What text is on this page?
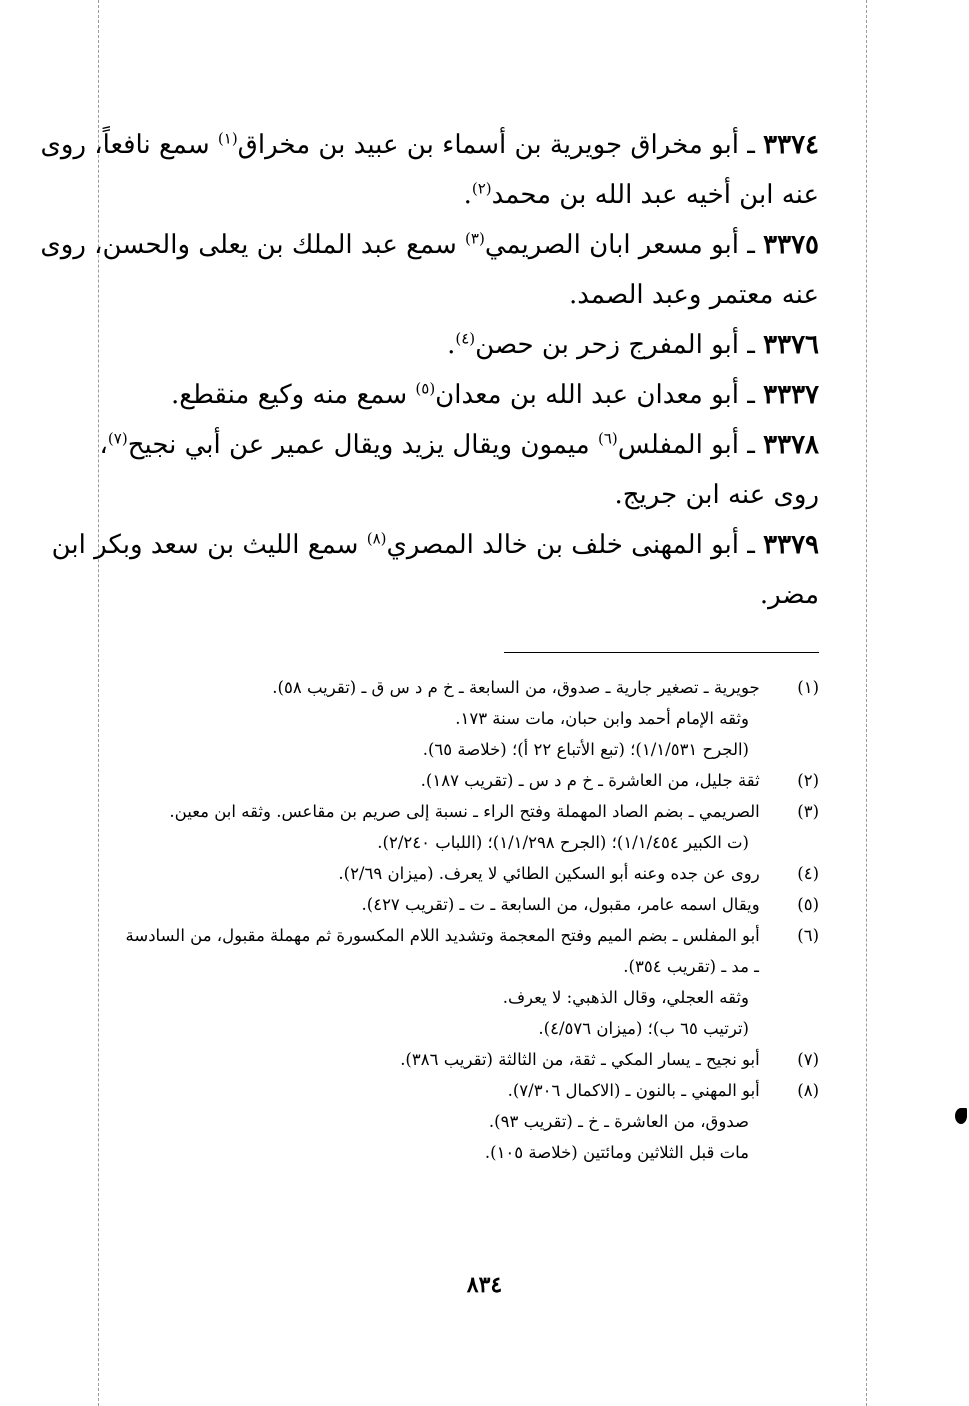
٣٣٧٤ ـ أبو مخراق جويرية بن أسماء بن عبيد بن مخراق$^{(١)}$ سمع نافعاً، روى
عنه ابن أخيه عبد الله بن محمد$^{(٢)}$.
٣٣٧٥ ـ أبو مسعر ابان الصريمي$^{(٣)}$ سمع عبد الملك بن يعلى والحسن، روى
عنه معتمر وعبد الصمد.
٣٣٧٦ ـ أبو المفرج زحر بن حصن$^{(٤)}$.
٣٣٣٧ ـ أبو معدان عبد الله بن معدان$^{(٥)}$ سمع منه وكيع منقطع.
٣٣٧٨ ـ أبو المفلس$^{(٦)}$ ميمون ويقال يزيد ويقال عمير عن أبي نجيح$^{(٧)}$،
روى عنه ابن جريج.
٣٣٧٩ ـ أبو المهنى خلف بن خالد المصري$^{(٨)}$ سمع الليث بن سعد وبكر ابن
مضر.
(١) جويرية ـ تصغير جارية ـ صدوق، من السابعة ـ خ م د س ق ـ (تقريب ٥٨).
وثقه الإمام أحمد وابن حبان، مات سنة ١٧٣.
(الجرح ١/١/٥٣١)؛ (تبع الأتباع ٢٢ أ)؛ (خلاصة ٦٥).
(٢) ثقة جليل، من العاشرة ـ خ م د س ـ (تقريب ١٨٧).
(٣) الصريمي ـ بضم الصاد المهملة وفتح الراء ـ نسبة إلى صريم بن مقاعس. وثقه ابن معين.
(ت الكبير ١/١/٤٥٤)؛ (الجرح ١/١/٢٩٨)؛ (اللباب ٢/٢٤٠).
(٤) روى عن جده وعنه أبو السكين الطائي لا يعرف. (ميزان ٢/٦٩).
(٥) ويقال اسمه عامر، مقبول، من السابعة ـ ت ـ (تقريب ٤٢٧).
(٦) أبو المفلس ـ بضم الميم وفتح المعجمة وتشديد اللام المكسورة ثم مهملة مقبول، من السادسة
ـ مد ـ (تقريب ٣٥٤).
وثقه العجلي، وقال الذهبي: لا يعرف.
(ترتيب ٦٥ ب)؛ (ميزان ٤/٥٧٦).
(٧) أبو نجيح ـ يسار المكي ـ ثقة، من الثالثة (تقريب ٣٨٦).
(٨) أبو المهني ـ بالنون ـ (الاكمال ٧/٣٠٦).
صدوق، من العاشرة ـ خ ـ (تقريب ٩٣).
مات قبل الثلاثين ومائتين (خلاصة ١٠٥).
٨٣٤
